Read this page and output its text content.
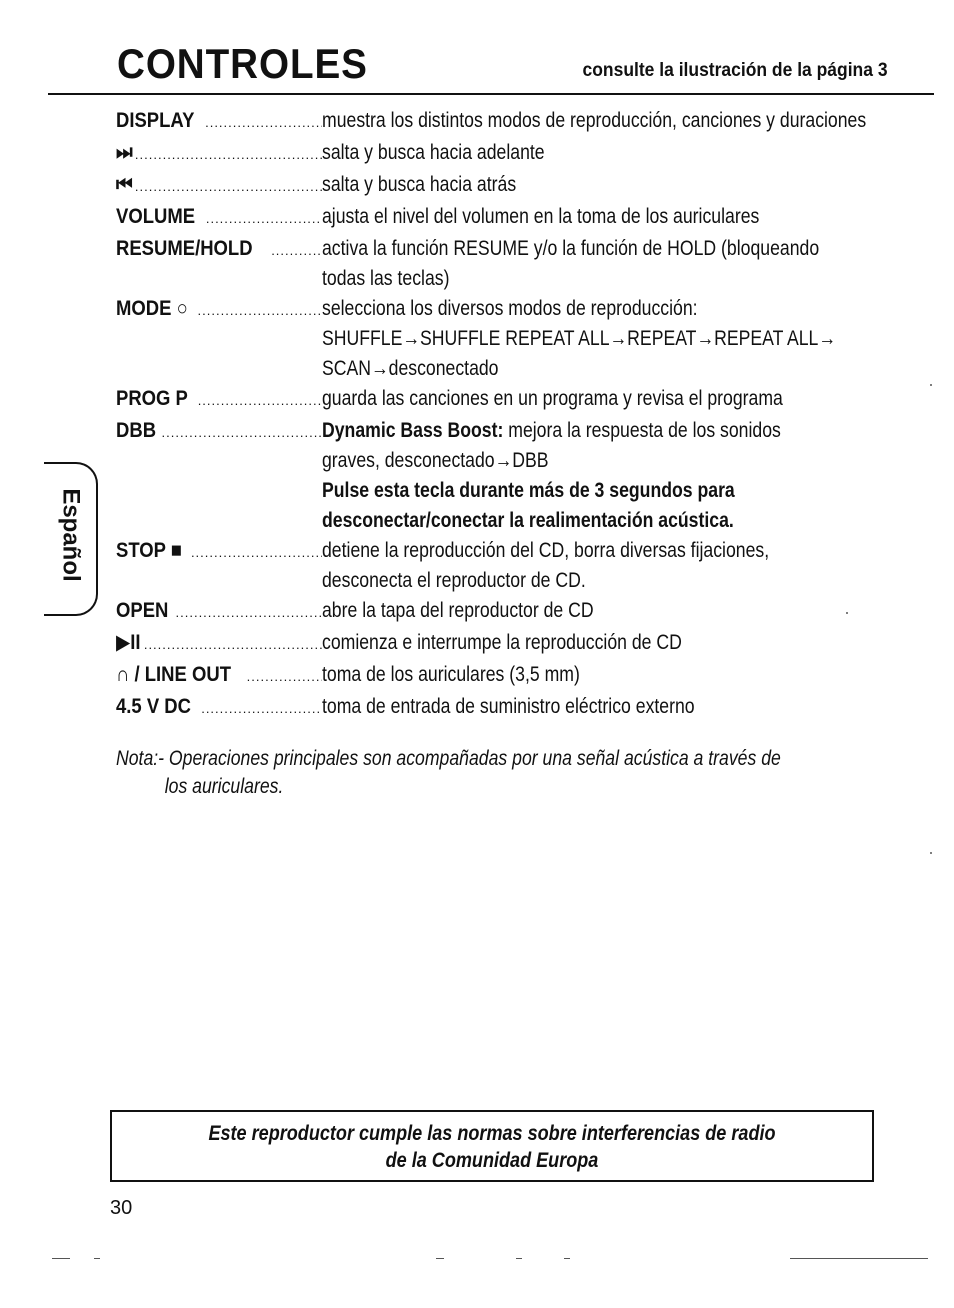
CONTROLES	consulte la ilustración de la página 3
Español
DISPLAY .....	muestra los distintos modos de reproducción, canciones y duraciones
⏭ .....	salta y busca hacia adelante
⏮ .....	salta y busca hacia atrás
VOLUME .....	ajusta el nivel del volumen en la toma de los auriculares
RESUME/HOLD .....	activa la función RESUME y/o la función de HOLD (bloqueando
todas las teclas)
MODE ○ .....	selecciona los diversos modos de reproducción:
SHUFFLE→SHUFFLE REPEAT ALL→REPEAT→REPEAT ALL→
SCAN→desconectado
PROG P .....	guarda las canciones en un programa y revisa el programa
DBB .....	Dynamic Bass Boost: mejora la respuesta de los sonidos
graves, desconectado→DBB
Pulse esta tecla durante más de 3 segundos para
desconectar/conectar la realimentación acústica.
STOP ■ .....	detiene la reproducción del CD, borra diversas fijaciones,
desconecta el reproductor de CD.
OPEN .....	abre la tapa del reproductor de CD
▶II .....	comienza e interrumpe la reproducción de CD
∩ / LINE OUT .....	toma de los auriculares (3,5 mm)
4.5 V DC .....	toma de entrada de suministro eléctrico externo
Nota:- Operaciones principales son acompañadas por una señal acústica a través de
los auriculares.
Este reproductor cumple las normas sobre interferencias de radio
de la Comunidad Europa
30
